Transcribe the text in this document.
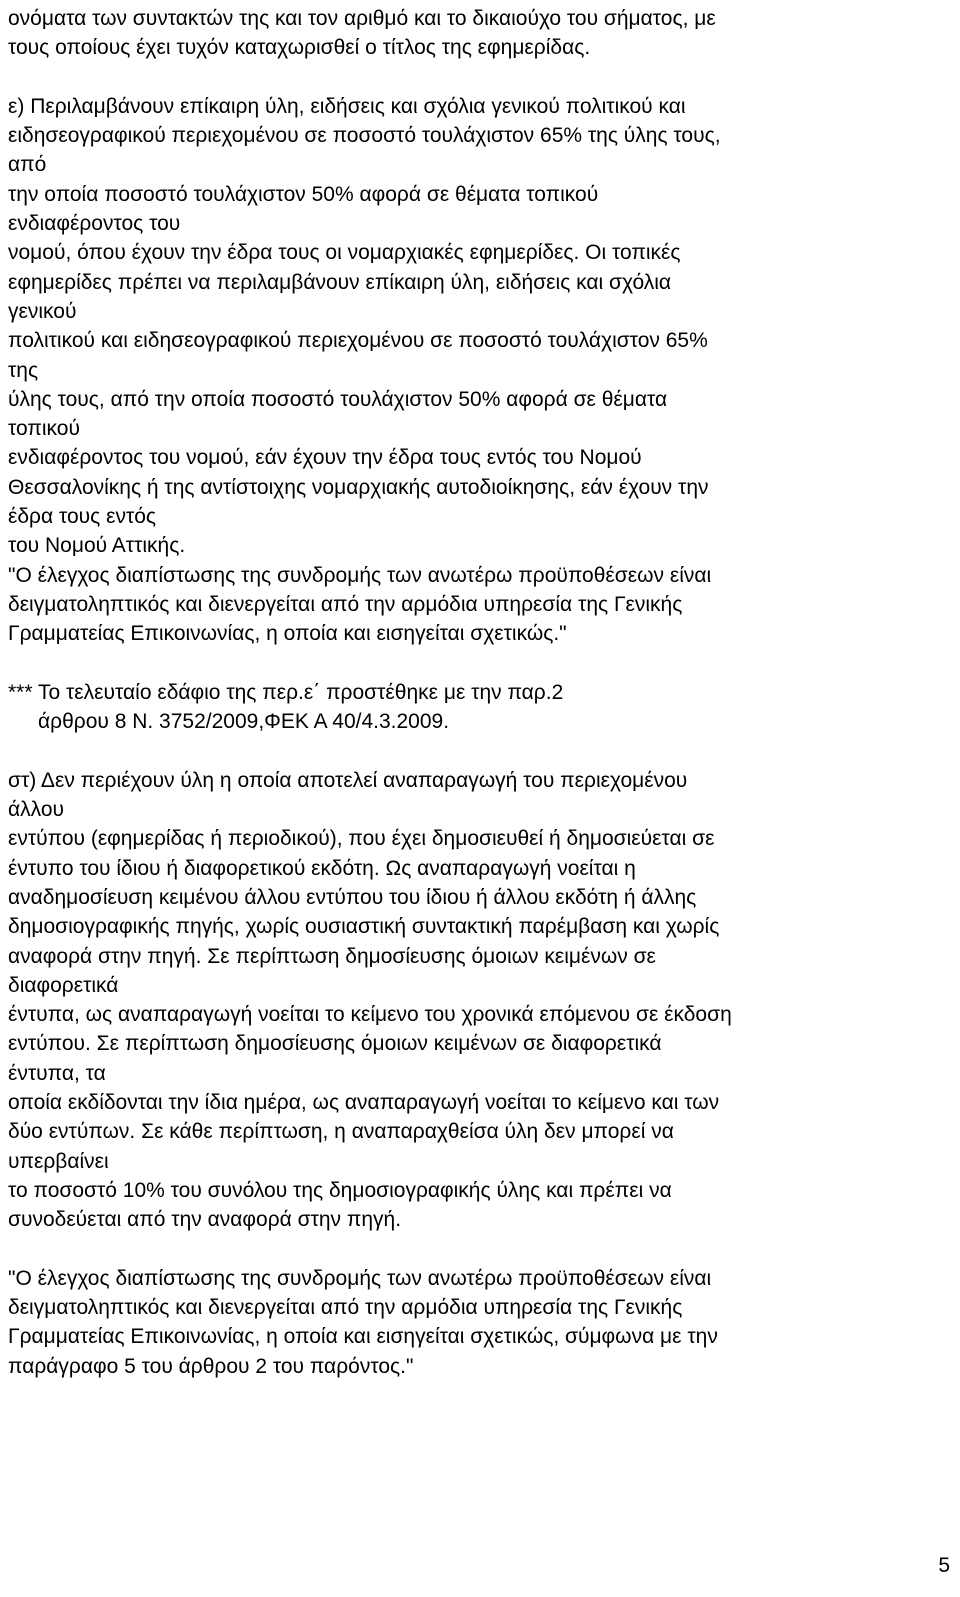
ονόματα των συντακτών της και τον αριθμό και το δικαιούχο του σήματος, με
τους οποίους έχει τυχόν καταχωρισθεί ο τίτλος της εφημερίδας.
ε) Περιλαμβάνουν επίκαιρη ύλη, ειδήσεις και σχόλια γενικού πολιτικού και
ειδησεογραφικού περιεχομένου σε ποσοστό τουλάχιστον 65% της ύλης τους,
από
την οποία ποσοστό τουλάχιστον 50% αφορά σε θέματα τοπικού
ενδιαφέροντος του
νομού, όπου έχουν την έδρα τους οι νομαρχιακές εφημερίδες. Οι τοπικές
εφημερίδες πρέπει να περιλαμβάνουν επίκαιρη ύλη, ειδήσεις και σχόλια
γενικού
πολιτικού και ειδησεογραφικού περιεχομένου σε ποσοστό τουλάχιστον 65%
της
ύλης τους, από την οποία ποσοστό τουλάχιστον 50% αφορά σε θέματα
τοπικού
ενδιαφέροντος του νομού, εάν έχουν την έδρα τους εντός του Νομού
Θεσσαλονίκης ή της αντίστοιχης νομαρχιακής αυτοδιοίκησης, εάν έχουν την
έδρα τους εντός
του Νομού Αττικής.
"Ο έλεγχος διαπίστωσης της συνδρομής των ανωτέρω προϋποθέσεων είναι
δειγματοληπτικός και διενεργείται από την αρμόδια υπηρεσία της Γενικής
Γραμματείας Επικοινωνίας, η οποία και εισηγείται σχετικώς."
*** Το τελευταίο εδάφιο της περ.ε΄ προστέθηκε με την παρ.2
άρθρου 8 Ν. 3752/2009,ΦΕΚ Α 40/4.3.2009.
στ) Δεν περιέχουν ύλη η οποία αποτελεί αναπαραγωγή του περιεχομένου
άλλου
εντύπου (εφημερίδας ή περιοδικού), που έχει δημοσιευθεί ή δημοσιεύεται σε
έντυπο του ίδιου ή διαφορετικού εκδότη. Ως αναπαραγωγή νοείται η
αναδημοσίευση κειμένου άλλου εντύπου του ίδιου ή άλλου εκδότη ή άλλης
δημοσιογραφικής πηγής, χωρίς ουσιαστική συντακτική παρέμβαση και χωρίς
αναφορά στην πηγή. Σε περίπτωση δημοσίευσης όμοιων κειμένων σε
διαφορετικά
έντυπα, ως αναπαραγωγή νοείται το κείμενο του χρονικά επόμενου σε έκδοση
εντύπου. Σε περίπτωση δημοσίευσης όμοιων κειμένων σε διαφορετικά
έντυπα, τα
οποία εκδίδονται την ίδια ημέρα, ως αναπαραγωγή νοείται το κείμενο και των
δύο εντύπων. Σε κάθε περίπτωση, η αναπαραχθείσα ύλη δεν μπορεί να
υπερβαίνει
το ποσοστό 10% του συνόλου της δημοσιογραφικής ύλης και πρέπει να
συνοδεύεται από την αναφορά στην πηγή.
"Ο έλεγχος διαπίστωσης της συνδρομής των ανωτέρω προϋποθέσεων είναι
δειγματοληπτικός και διενεργείται από την αρμόδια υπηρεσία της Γενικής
Γραμματείας Επικοινωνίας, η οποία και εισηγείται σχετικώς, σύμφωνα με την
παράγραφο 5 του άρθρου 2 του παρόντος."
5
